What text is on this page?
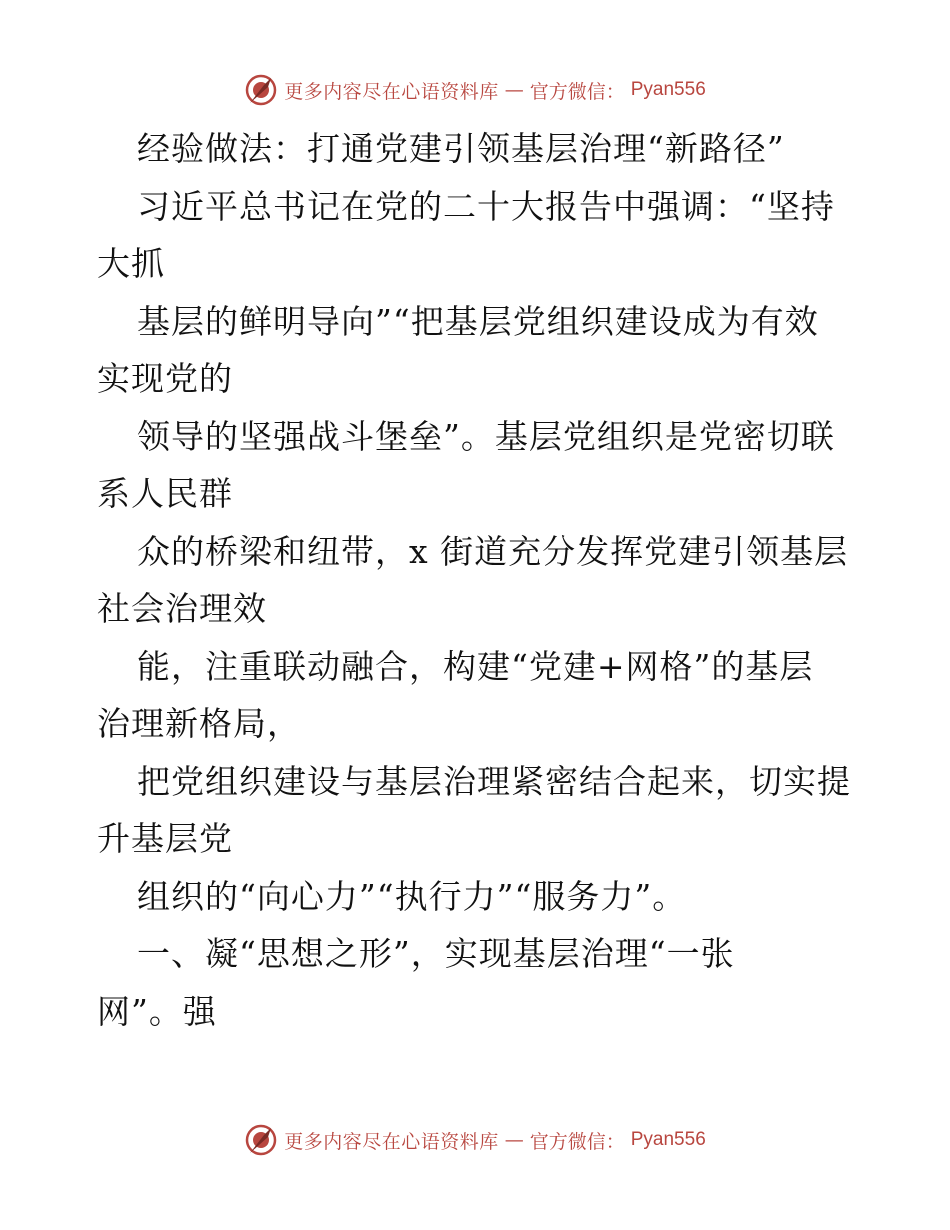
更多内容尽在心语资料库 — 官方微信： Pyan556
经验做法：打通党建引领基层治理“新路径”
习近平总书记在党的二十大报告中强调：“坚持
大抓
基层的鲜明导向”“把基层党组织建设成为有效
实现党的
领导的坚强战斗堡垒”。基层党组织是党密切联
系人民群
众的桥梁和纽带，x 街道充分发挥党建引领基层
社会治理效
能，注重联动融合，构建“党建+网格”的基层
治理新格局，
把党组织建设与基层治理紧密结合起来，切实提
升基层党
组织的“向心力”“执行力”“服务力”。
一、凝“思想之形”，实现基层治理“一张
网”。强
更多内容尽在心语资料库 — 官方微信： Pyan556
